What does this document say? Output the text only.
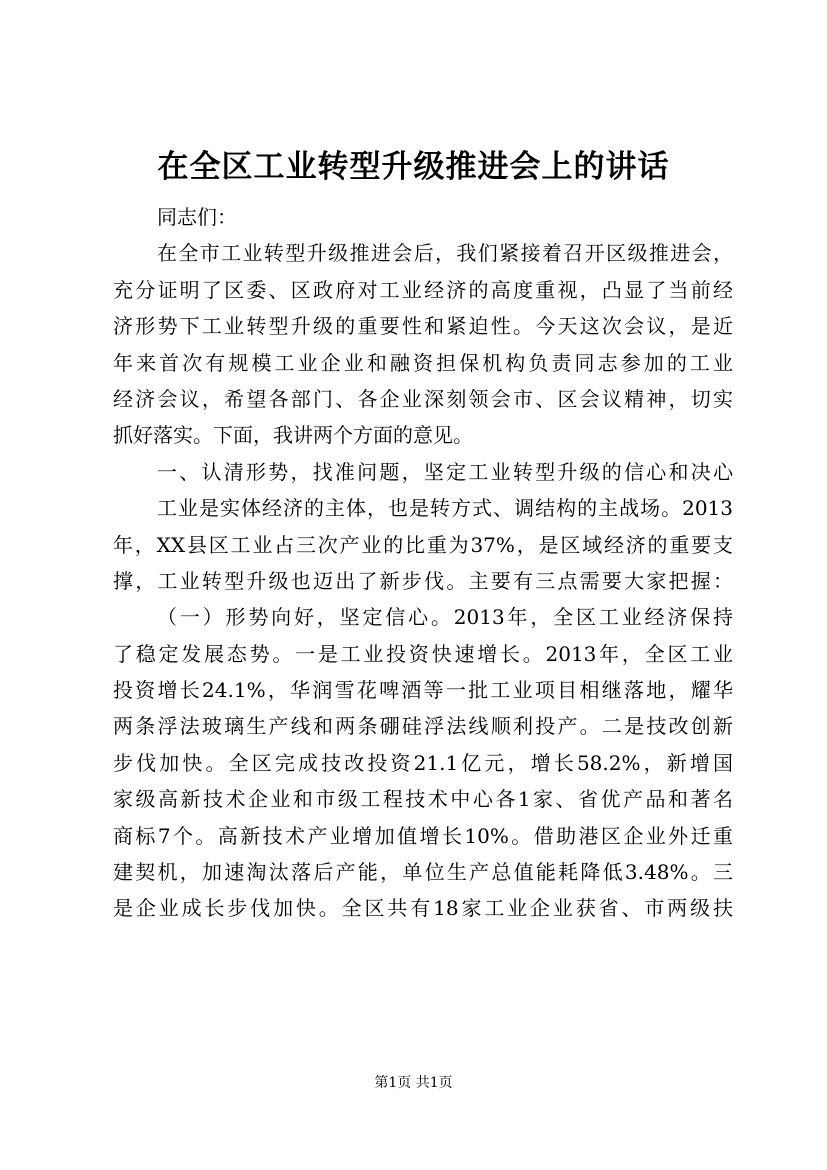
在全区工业转型升级推进会上的讲话
同志们：
在全市工业转型升级推进会后，我们紧接着召开区级推进会，
充分证明了区委、区政府对工业经济的高度重视，凸显了当前经
济形势下工业转型升级的重要性和紧迫性。今天这次会议，是近
年来首次有规模工业企业和融资担保机构负责同志参加的工业
经济会议，希望各部门、各企业深刻领会市、区会议精神，切实
抓好落实。下面，我讲两个方面的意见。
一、认清形势，找准问题，坚定工业转型升级的信心和决心
工业是实体经济的主体，也是转方式、调结构的主战场。2013
年，XX县区工业占三次产业的比重为37%，是区域经济的重要支
撑，工业转型升级也迈出了新步伐。主要有三点需要大家把握：
（一）形势向好，坚定信心。2013年，全区工业经济保持
了稳定发展态势。一是工业投资快速增长。2013年，全区工业
投资增长24.1%，华润雪花啤酒等一批工业项目相继落地，耀华
两条浮法玻璃生产线和两条硼硅浮法线顺利投产。二是技改创新
步伐加快。全区完成技改投资21.1亿元，增长58.2%，新增国
家级高新技术企业和市级工程技术中心各1家、省优产品和著名
商标7个。高新技术产业增加值增长10%。借助港区企业外迁重
建契机，加速淘汰落后产能，单位生产总值能耗降低3.48%。三
是企业成长步伐加快。全区共有18家工业企业获省、市两级扶
第1页 共1页
